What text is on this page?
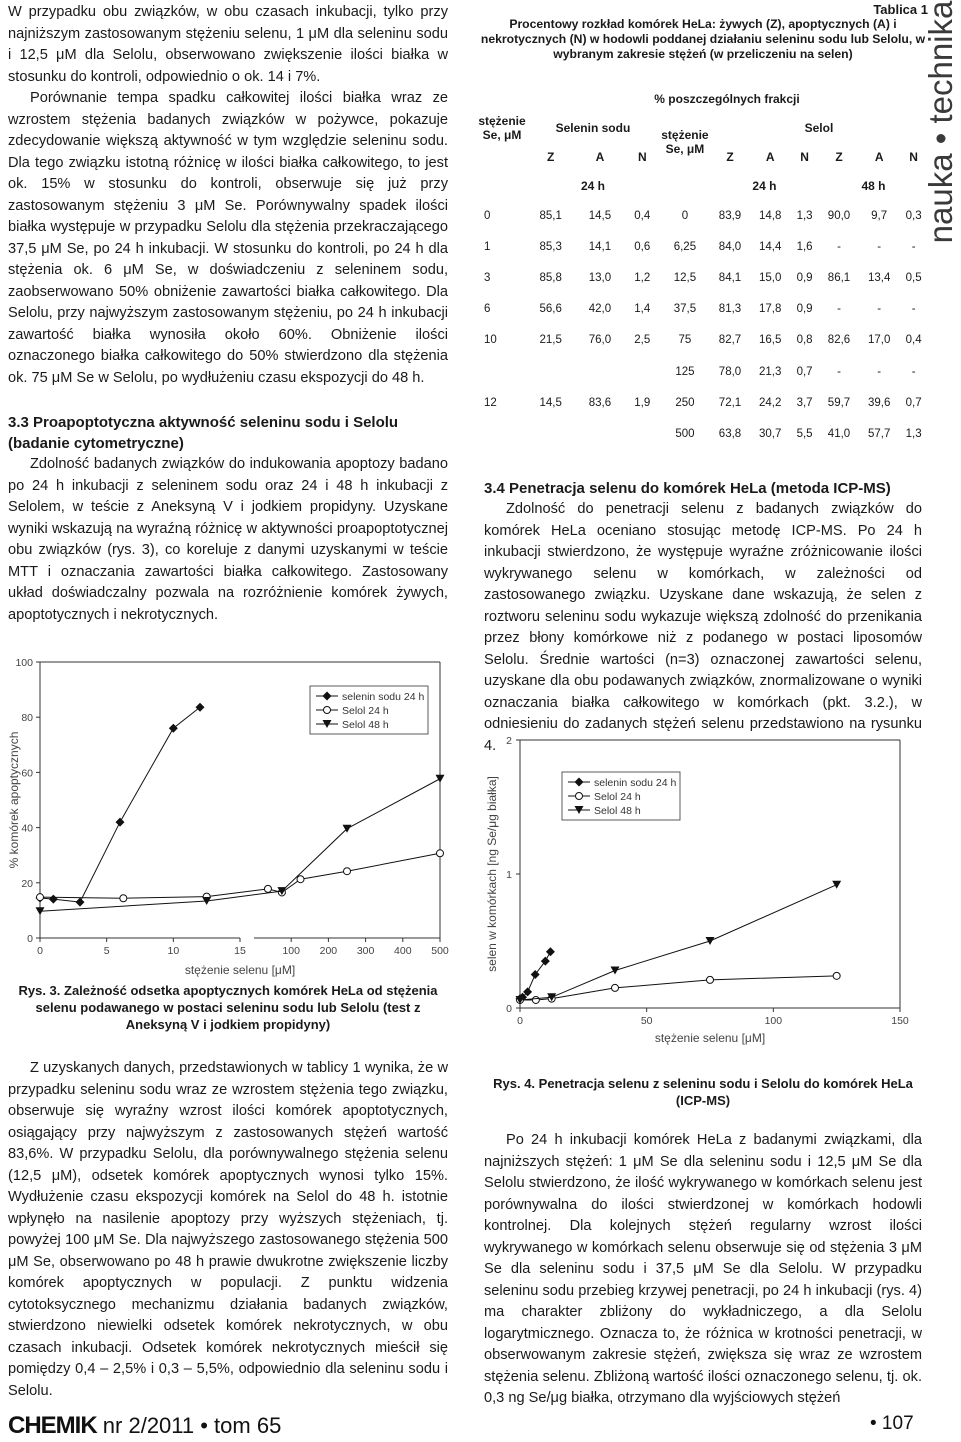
W przypadku obu związków, w obu czasach inkubacji, tylko przy najniższym zastosowanym stężeniu selenu, 1 μM dla seleninu sodu i 12,5 μM dla Selolu, obserwowano zwiększenie ilości białka w stosunku do kontroli, odpowiednio o ok. 14 i 7%.

Porównanie tempa spadku całkowitej ilości białka wraz ze wzrostem stężenia badanych związków w pożywce, pokazuje zdecydowanie większą aktywność w tym względzie seleninu sodu. Dla tego związku istotną różnicę w ilości białka całkowitego, to jest ok. 15% w stosunku do kontroli, obserwuje się już przy zastosowanym stężeniu 3 μM Se. Porównywalny spadek ilości białka występuje w przypadku Selolu dla stężenia przekraczającego 37,5 μM Se, po 24 h inkubacji. W stosunku do kontroli, po 24 h dla stężenia ok. 6 μM Se, w doświadczeniu z seleninem sodu, zaobserwowano 50% obniżenie zawartości białka całkowitego. Dla Selolu, przy najwyższym zastosowanym stężeniu, po 24 h inkubacji zawartość białka wynosiła około 60%. Obniżenie ilości oznaczonego białka całkowitego do 50% stwierdzono dla stężenia ok. 75 μM Se w Selolu, po wydłużeniu czasu ekspozycji do 48 h.

3.3 Proapoptotyczna aktywność seleninu sodu i Selolu (badanie cytometryczne)

Zdolność badanych związków do indukowania apoptozy badano po 24 h inkubacji z seleninem sodu oraz 24 i 48 h inkubacji z Selolem, w teście z Aneksyną V i jodkiem propidyny. Uzyskane wyniki wskazują na wyraźną różnicę w aktywności proapoptotycznej obu związków (rys. 3), co koreluje z danymi uzyskanymi w teście MTT i oznaczania zawartości białka całkowitego. Zastosowany układ doświadczalny pozwala na rozróżnienie komórek żywych, apoptotycznych i nekrotycznych.

0
20
40
60
80
100
0	5	10	15	100 200 300 400 500
stężenie selenu [μM]
% komórek apoptycznych
selenin sodu 24 h
Selol 24 h
Selol 48 h
Rys. 3. Zależność odsetka apoptycznych komórek HeLa od stężenia selenu podawanego w postaci seleninu sodu lub Selolu (test z Aneksyną V i jodkiem propidyny)

Z uzyskanych danych, przedstawionych w tablicy 1 wynika, że w przypadku seleninu sodu wraz ze wzrostem stężenia tego związku, obserwuje się wyraźny wzrost ilości komórek apoptotycznych, osiągający przy najwyższym z zastosowanych stężeń wartość 83,6%. W przypadku Selolu, dla porównywalnego stężenia selenu (12,5 μM), odsetek komórek apoptycznych wynosi tylko 15%. Wydłużenie czasu ekspozycji komórek na Selol do 48 h. istotnie wpłynęło na nasilenie apoptozy przy wyższych stężeniach, tj. powyżej 100 μM Se. Dla najwyższego zastosowanego stężenia 500 μM Se, obserwowano po 48 h prawie dwukrotne zwiększenie liczby komórek apoptycznych w populacji. Z punktu widzenia cytotoksycznego mechanizmu działania badanych związków, stwierdzono niewielki odsetek komórek nekrotycznych, w obu czasach inkubacji. Odsetek komórek nekrotycznych mieścił się pomiędzy 0,4 – 2,5% i 0,3 – 5,5%, odpowiednio dla seleninu sodu i Selolu.

Tablica 1
Procentowy rozkład komórek HeLa: żywych (Z), apoptycznych (A) i nekrotycznych (N) w hodowli poddanej działaniu seleninu sodu lub Selolu, w wybranym zakresie stężeń (w przeliczeniu na selen)
stężenie Se, μM	% poszczególnych frakcji									
	Selenin sodu			stężenie Se, μM	Selol					
	Z	A	N		Z	A	N	Z	A	N
	24 h				24 h			48 h		
0	85,1	14,5	0,4	0	83,9	14,8	1,3	90,0	9,7	0,3
1	85,3	14,1	0,6	6,25	84,0	14,4	1,6	-	-	-
3	85,8	13,0	1,2	12,5	84,1	15,0	0,9	86,1	13,4	0,5
6	56,6	42,0	1,4	37,5	81,3	17,8	0,9	-	-	-
10	21,5	76,0	2,5	75	82,7	16,5	0,8	82,6	17,0	0,4
				125	78,0	21,3	0,7	-	-	-
12	14,5	83,6	1,9	250	72,1	24,2	3,7	59,7	39,6	0,7
				500	63,8	30,7	5,5	41,0	57,7	1,3
nauka • technika

3.4 Penetracja selenu do komórek HeLa (metoda ICP-MS)

Zdolność do penetracji selenu z badanych związków do komórek HeLa oceniano stosując metodę ICP-MS. Po 24 h inkubacji stwierdzono, że występuje wyraźne zróżnicowanie ilości wykrywanego selenu w komórkach, w zależności od zastosowanego związku. Uzyskane dane wskazują, że selen z roztworu seleninu sodu wykazuje większą zdolność do przenikania przez błony komórkowe niż z podanego w postaci liposomów Selolu. Średnie wartości (n=3) oznaczonej zawartości selenu, uzyskane dla obu podawanych związków, znormalizowane o wyniki oznaczania białka całkowitego w komórkach (pkt. 3.2.), w odniesieniu do zadanych stężeń selenu przedstawiono na rysunku 4.

0
1
2
0	50	100	150
stężenie selenu [μM]
selen w komórkach [ng Se/μg białka]	selenin sodu 24 h
Selol 24 h
Selol 48 h
Rys. 4. Penetracja selenu z seleninu sodu i Selolu do komórek HeLa (ICP-MS)

Po 24 h inkubacji komórek HeLa z badanymi związkami, dla najniższych stężeń: 1 μM Se dla seleninu sodu i 12,5 μM Se dla Selolu stwierdzono, że ilość wykrywanego w komórkach selenu jest porównywalna do ilości stwierdzonej w komórkach hodowli kontrolnej. Dla kolejnych stężeń regularny wzrost ilości wykrywanego w komórkach selenu obserwuje się od stężenia 3 μM Se dla seleninu sodu i 37,5 μM Se dla Selolu. W przypadku seleninu sodu przebieg krzywej penetracji, po 24 h inkubacji (rys. 4) ma charakter zbliżony do wykładniczego, a dla Selolu logarytmicznego. Oznacza to, że różnica w krotności penetracji, w obserwowanym zakresie stężeń, zwiększa się wraz ze wzrostem stężenia selenu. Zbliżoną wartość ilości oznaczonego selenu, tj. ok. 0,3 ng Se/μg białka, otrzymano dla wyjściowych stężeń

CHEMIK nr 2/2011 • tom 65	• 107
